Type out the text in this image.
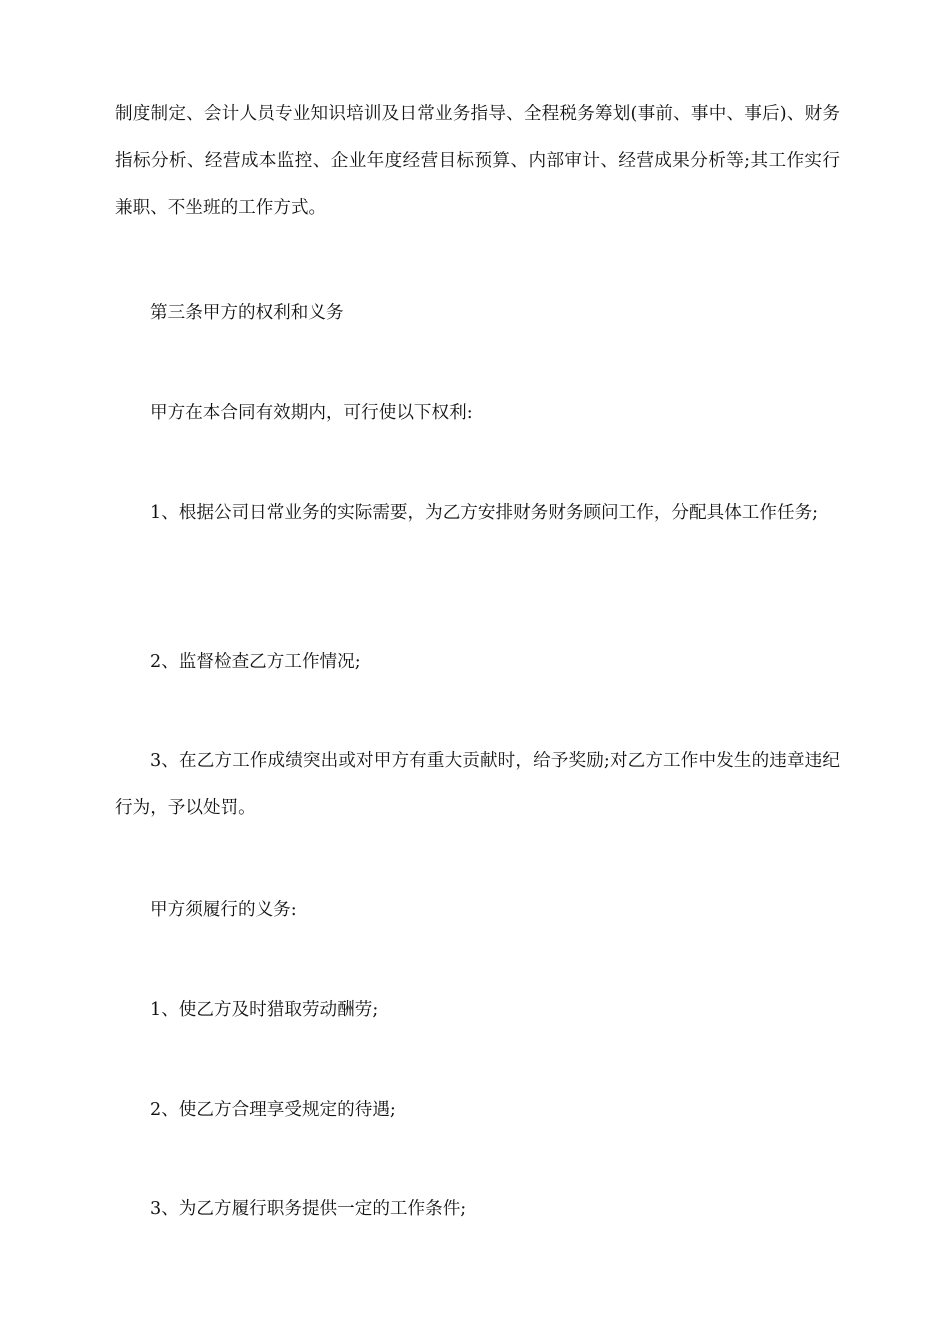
制度制定、会计人员专业知识培训及日常业务指导、全程税务筹划(事前、事中、事后)、财务指标分析、经营成本监控、企业年度经营目标预算、内部审计、经营成果分析等;其工作实行兼职、不坐班的工作方式。

第三条甲方的权利和义务

甲方在本合同有效期内，可行使以下权利:

1、根据公司日常业务的实际需要，为乙方安排财务财务顾问工作，分配具体工作任务;

2、监督检查乙方工作情况;

3、在乙方工作成绩突出或对甲方有重大贡献时，给予奖励;对乙方工作中发生的违章违纪行为，予以处罚。

甲方须履行的义务:

1、使乙方及时猎取劳动酬劳;

2、使乙方合理享受规定的待遇;

3、为乙方履行职务提供一定的工作条件;
